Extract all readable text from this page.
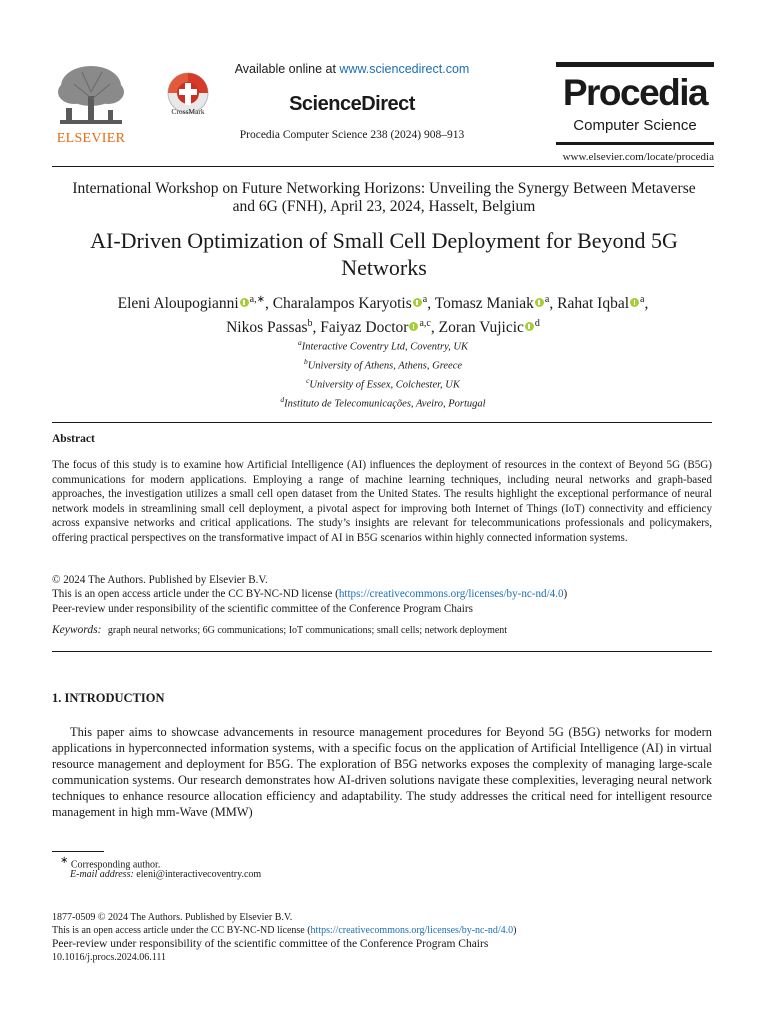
ELSEVIER
CrossMark
Available online at www.sciencedirect.com
ScienceDirect
Procedia Computer Science 238 (2024) 908–913
Procedia
Computer Science
www.elsevier.com/locate/procedia
International Workshop on Future Networking Horizons: Unveiling the Synergy Between Metaverse and 6G (FNH), April 23, 2024, Hasselt, Belgium
AI-Driven Optimization of Small Cell Deployment for Beyond 5G Networks
Eleni Aloupogianni $^{a,∗}$, Charalampos Karyotis $^a$, Tomasz Maniak $^a$, Rahat Iqbal $^a$,
Nikos Passas$^b$, Faiyaz Doctor $^{a,c}$, Zoran Vujicic $^d$
$^a$Interactive Coventry Ltd, Coventry, UK
$^b$University of Athens, Athens, Greece
$^c$University of Essex, Colchester, UK
$^d$Instituto de Telecomunicações, Aveiro, Portugal
Abstract
The focus of this study is to examine how Artificial Intelligence (AI) influences the deployment of resources in the context of Beyond 5G (B5G) communications for modern applications. Employing a range of machine learning techniques, including neural networks and graph-based approaches, the investigation utilizes a small cell open dataset from the United States. The results highlight the exceptional performance of neural network models in streamlining small cell deployment, a pivotal aspect for improving both Internet of Things (IoT) connectivity and efficiency across expansive networks and critical applications. The study’s insights are relevant for telecommunications professionals and policymakers, offering practical perspectives on the transformative impact of AI in B5G scenarios within highly connected information systems.
© 2024 The Authors. Published by Elsevier B.V.
This is an open access article under the CC BY-NC-ND license (https://creativecommons.org/licenses/by-nc-nd/4.0)
Peer-review under responsibility of the scientific committee of the Conference Program Chairs
Keywords: graph neural networks; 6G communications; IoT communications; small cells; network deployment
1. INTRODUCTION
This paper aims to showcase advancements in resource management procedures for Beyond 5G (B5G) networks for modern applications in hyperconnected information systems, with a specific focus on the application of Artificial Intelligence (AI) in virtual resource management and deployment for B5G. The exploration of B5G networks exposes the complexity of managing large-scale communication systems. Our research demonstrates how AI-driven solutions navigate these complexities, leveraging neural network techniques to enhance resource allocation efficiency and adaptability. The study addresses the critical need for intelligent resource management in high mm-Wave (MMW)
∗ Corresponding author.
E-mail address: eleni@interactivecoventry.com
1877-0509 © 2024 The Authors. Published by Elsevier B.V.
This is an open access article under the CC BY-NC-ND license (https://creativecommons.org/licenses/by-nc-nd/4.0)
Peer-review under responsibility of the scientific committee of the Conference Program Chairs
10.1016/j.procs.2024.06.111
